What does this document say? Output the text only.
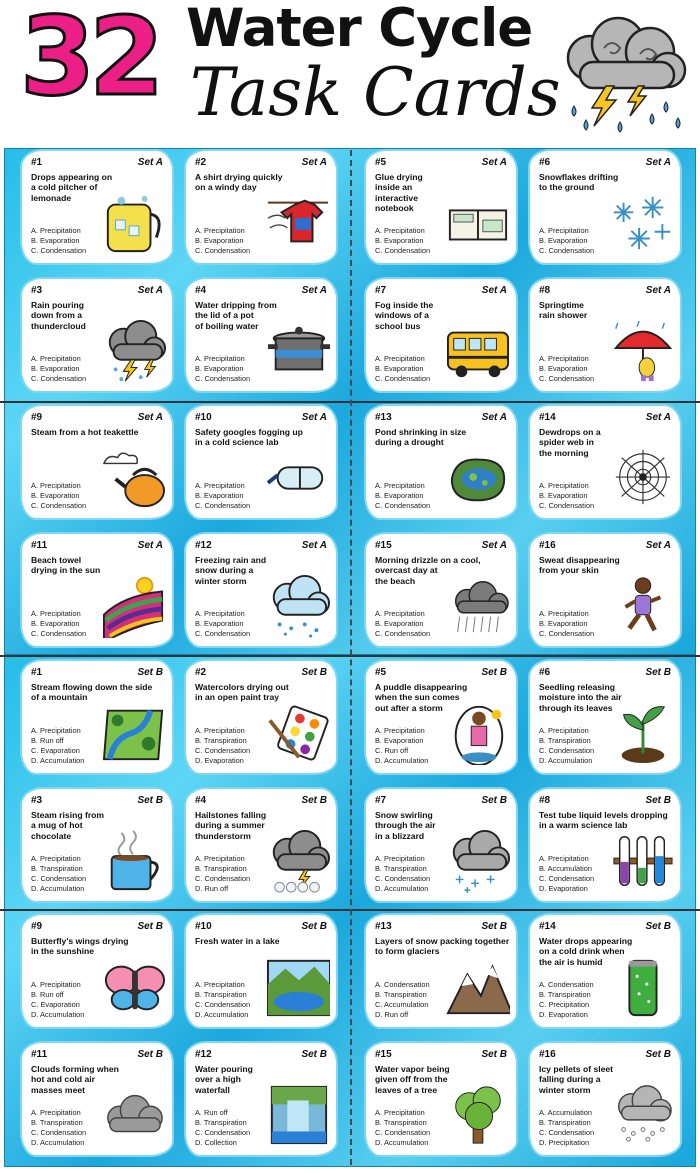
32 Water Cycle
Task Cards
#1	Set A
Drops appearing on
a cold pitcher of
lemonade
A. Precipitation
B. Evaporation
C. Condensation
#2	Set A
A shirt drying quickly
on a windy day
A. Precipitation
B. Evaporation
C. Condensation
#5	Set A
Glue drying
inside an
interactive
notebook
A. Precipitation
B. Evaporation
C. Condensation
#6	Set A
Snowflakes drifting
to the ground
A. Precipitation
B. Evaporation
C. Condensation
#3	Set A
Rain pouring
down from a
thundercloud
A. Precipitation
B. Evaporation
C. Condensation
#4	Set A
Water dripping from
the lid of a pot
of boiling water
A. Precipitation
B. Evaporation
C. Condensation
#7	Set A
Fog inside the
windows of a
school bus
A. Precipitation
B. Evaporation
C. Condensation
#8	Set A
Springtime
rain shower
A. Precipitation
B. Evaporation
C. Condensation
#9	Set A
Steam from a hot teakettle
A. Precipitation
B. Evaporation
C. Condensation
#10	Set A
Safety googles fogging up
in a cold science lab
A. Precipitation
B. Evaporation
C. Condensation
#13	Set A
Pond shrinking in size
during a drought
A. Precipitation
B. Evaporation
C. Condensation
#14	Set A
Dewdrops on a
spider web in
the morning
A. Precipitation
B. Evaporation
C. Condensation
#11	Set A
Beach towel
drying in the sun
A. Precipitation
B. Evaporation
C. Condensation
#12	Set A
Freezing rain and
snow during a
winter storm
A. Precipitation
B. Evaporation
C. Condensation
#15	Set A
Morning drizzle on a cool,
overcast day at
the beach
A. Precipitation
B. Evaporation
C. Condensation
#16	Set A
Sweat disappearing
from your skin
A. Precipitation
B. Evaporation
C. Condensation
#1	Set B
Stream flowing down the side
of a mountain
A. Precipitation
B. Run off
C. Evaporation
D. Accumulation
#2	Set B
Watercolors drying out
in an open paint tray
A. Precipitation
B. Transpiration
C. Condensation
D. Evaporation
#5	Set B
A puddle disappearing
when the sun comes
out after a storm
A. Precipitation
B. Evaporation
C. Run off
D. Accumulation
#6	Set B
Seedling releasing
moisture into the air
through its leaves
A. Precipitation
B. Transpiration
C. Condensation
D. Accumulation
#3	Set B
Steam rising from
a mug of hot
chocolate
A. Precipitation
B. Transpiration
C. Condensation
D. Accumulation
#4	Set B
Hailstones falling
during a summer
thunderstorm
A. Precipitation
B. Transpiration
C. Condensation
D. Run off
#7	Set B
Snow swirling
through the air
in a blizzard
A. Precipitation
B. Transpiration
C. Condensation
D. Accumulation
#8	Set B
Test tube liquid levels dropping
in a warm science lab
A. Precipitation
B. Accumulation
C. Condensation
D. Evaporation
#9	Set B
Butterfly's wings drying
in the sunshine
A. Precipitation
B. Run off
C. Evaporation
D. Accumulation
#10	Set B
Fresh water in a lake
A. Precipitation
B. Transpiration
C. Condensation
D. Accumulation
#13	Set B
Layers of snow packing together
to form glaciers
A. Condensation
B. Transpiration
C. Accumulation
D. Run off
#14	Set B
Water drops appearing
on a cold drink when
the air is humid
A. Condensation
B. Transpiration
C. Precipitation
D. Evaporation
#11	Set B
Clouds forming when
hot and cold air
masses meet
A. Precipitation
B. Transpiration
C. Condensation
D. Accumulation
#12	Set B
Water pouring
over a high
waterfall
A. Run off
B. Transpiration
C. Condensation
D. Collection
#15	Set B
Water vapor being
given off from the
leaves of a tree
A. Precipitation
B. Transpiration
C. Condensation
D. Accumulation
#16	Set B
Icy pellets of sleet
falling during a
winter storm
A. Accumulation
B. Transpiration
C. Condensation
D. Precipitation
